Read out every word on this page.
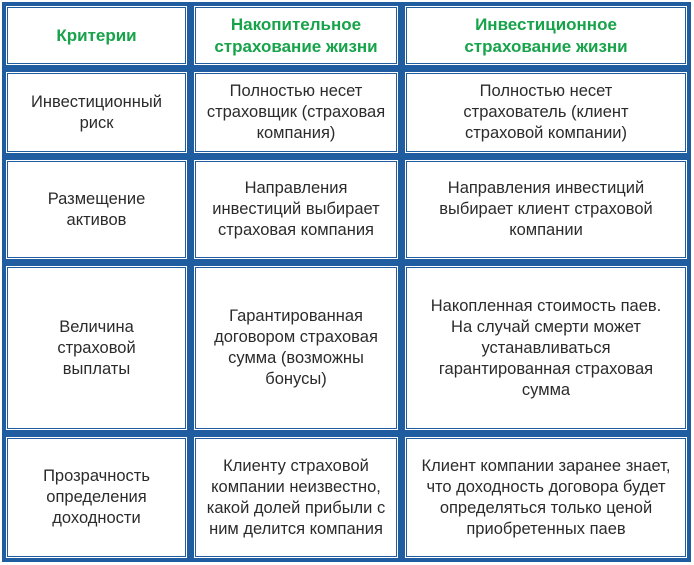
Критерии
Накопительное страхование жизни
Инвестиционное страхование жизни
Инвестиционный риск
Полностью несет страховщик (страховая компания)
Полностью несет страхователь (клиент страховой компании)
Размещение активов
Направления инвестиций выбирает страховая компания
Направления инвестиций выбирает клиент страховой компании
Величина страховой выплаты
Гарантированная договором страховая сумма (возможны бонусы)
Накопленная стоимость паев. На случай смерти может устанавливаться гарантированная страховая сумма
Прозрачность определения доходности
Клиенту страховой компании неизвестно, какой долей прибыли с ним делится компания
Клиент компании заранее знает, что доходность договора будет определяться только ценой приобретенных паев
